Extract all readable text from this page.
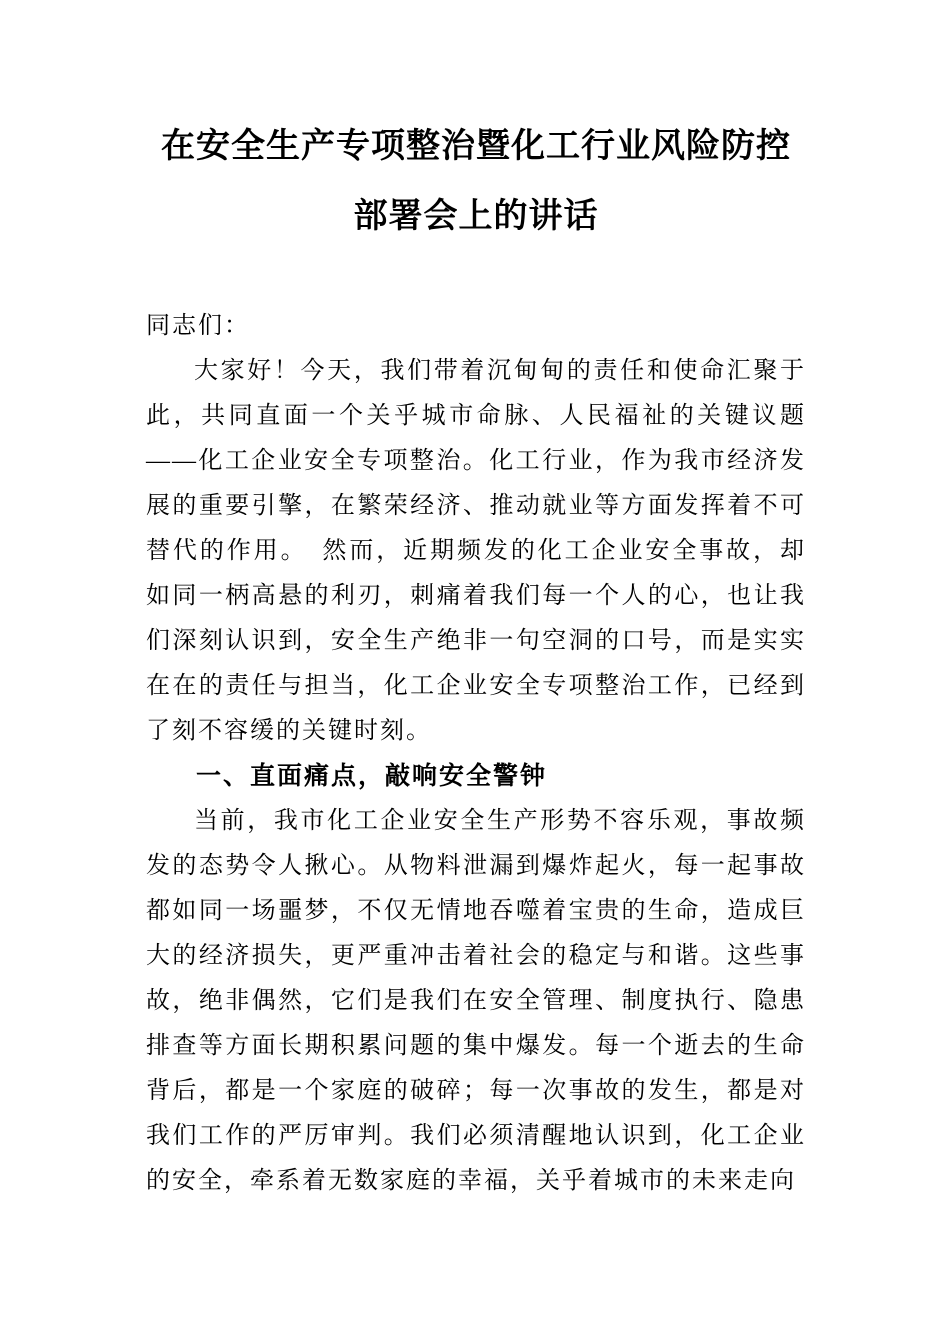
在安全生产专项整治暨化工行业风险防控
部署会上的讲话

同志们：

大家好！今天，我们带着沉甸甸的责任和使命汇聚于此，共同直面一个关乎城市命脉、人民福祉的关键议题——化工企业安全专项整治。化工行业，作为我市经济发展的重要引擎，在繁荣经济、推动就业等方面发挥着不可替代的作用。　然而，近期频发的化工企业安全事故，却如同一柄高悬的利刃，刺痛着我们每一个人的心，也让我们深刻认识到，安全生产绝非一句空洞的口号，而是实实在在的责任与担当，化工企业安全专项整治工作，已经到了刻不容缓的关键时刻。

一、直面痛点，敲响安全警钟

当前，我市化工企业安全生产形势不容乐观，事故频发的态势令人揪心。从物料泄漏到爆炸起火，每一起事故都如同一场噩梦，不仅无情地吞噬着宝贵的生命，造成巨大的经济损失，更严重冲击着社会的稳定与和谐。这些事故，绝非偶然，它们是我们在安全管理、制度执行、隐患排查等方面长期积累问题的集中爆发。每一个逝去的生命背后，都是一个家庭的破碎；每一次事故的发生，都是对我们工作的严厉审判。我们必须清醒地认识到，化工企业的安全，牵系着无数家庭的幸福，关乎着城市的未来走向
